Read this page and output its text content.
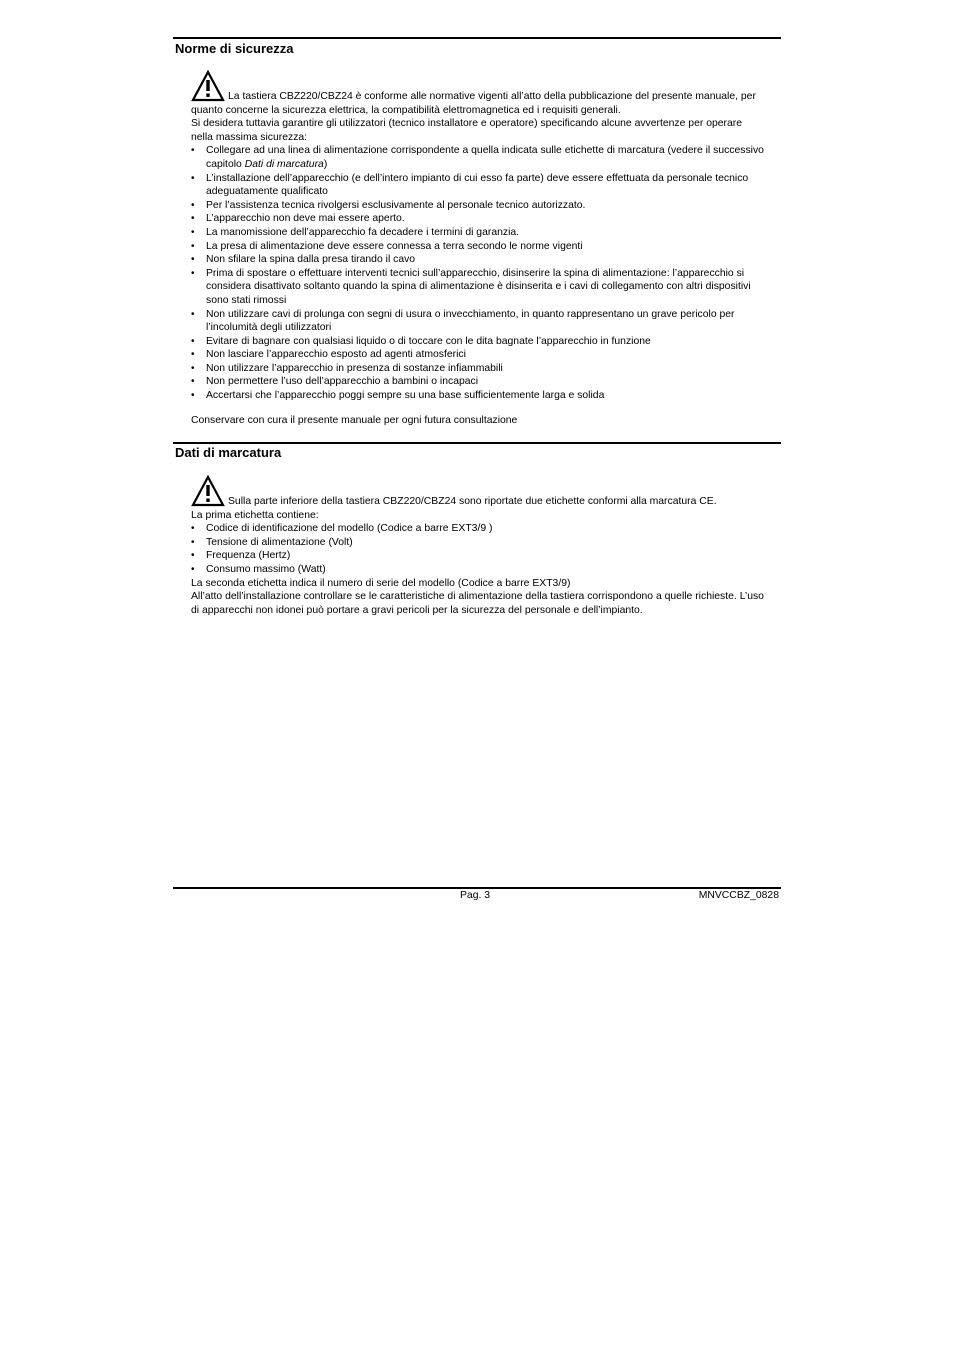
Norme di sicurezza

La tastiera CBZ220/CBZ24 è conforme alle normative vigenti all’atto della pubblicazione del presente manuale, per quanto concerne la sicurezza elettrica, la compatibilità elettromagnetica ed i requisiti generali.

Si desidera tuttavia garantire gli utilizzatori (tecnico installatore e operatore) specificando alcune avvertenze per operare nella massima sicurezza:

• Collegare ad una linea di alimentazione corrispondente a quella indicata sulle etichette di marcatura (vedere il successivo capitolo Dati di marcatura)
• L’installazione dell’apparecchio (e dell’intero impianto di cui esso fa parte) deve essere effettuata da personale tecnico adeguatamente qualificato
• Per l’assistenza tecnica rivolgersi esclusivamente al personale tecnico autorizzato.
• L’apparecchio non deve mai essere aperto.
• La manomissione dell’apparecchio fa decadere i termini di garanzia.
• La presa di alimentazione deve essere connessa a terra secondo le norme vigenti
• Non sfilare la spina dalla presa tirando il cavo
• Prima di spostare o effettuare interventi tecnici sull’apparecchio, disinserire la spina di alimentazione: l’apparecchio si considera disattivato soltanto quando la spina di alimentazione è disinserita e i cavi di collegamento con altri dispositivi sono stati rimossi
• Non utilizzare cavi di prolunga con segni di usura o invecchiamento, in quanto rappresentano un grave pericolo per l’incolumità degli utilizzatori
• Evitare di bagnare con qualsiasi liquido o di toccare con le dita bagnate l’apparecchio in funzione
• Non lasciare l’apparecchio esposto ad agenti atmosferici
• Non utilizzare l’apparecchio in presenza di sostanze infiammabili
• Non permettere l’uso dell’apparecchio a bambini o incapaci
• Accertarsi che l’apparecchio poggi sempre su una base sufficientemente larga e solida

Conservare con cura il presente manuale per ogni futura consultazione

Dati di marcatura

Sulla parte inferiore della tastiera CBZ220/CBZ24 sono riportate due etichette conformi alla marcatura CE.

La prima etichetta contiene:

• Codice di identificazione del modello (Codice a barre EXT3/9 )
• Tensione di alimentazione (Volt)
• Frequenza (Hertz)
• Consumo massimo (Watt)

La seconda etichetta indica il numero di serie del modello (Codice a barre EXT3/9)

All’atto dell’installazione controllare se le caratteristiche di alimentazione della tastiera corrispondono a quelle richieste. L’uso di apparecchi non idonei può portare a gravi pericoli per la sicurezza del personale e dell’impianto.

Pag. 3	MNVCCBZ_0828
